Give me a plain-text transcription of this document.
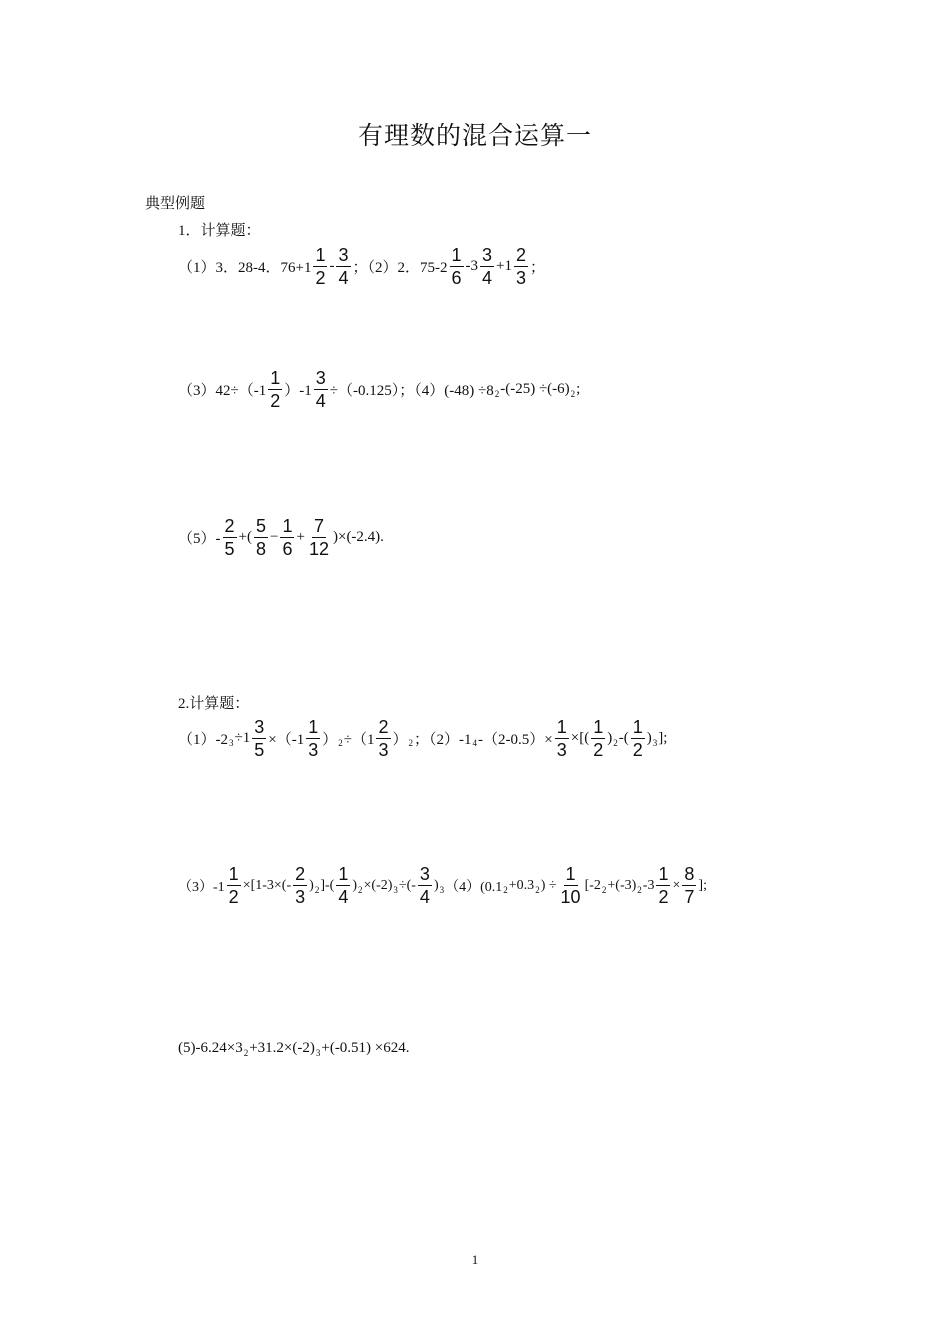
有理数的混合运算一
典型例题
1．计算题：
（1）3．28-4．$76+1 \frac{1}{2} - \frac{3}{4}$ ；（2）2．$75-2 \frac{1}{6} -3 \frac{3}{4} +1 \frac{2}{3}$ ；
$(3)42\div(-1 \frac{1}{2} )-1 \frac{3}{4} \div(-0.125)$；（4）(-48) ÷8 2 -(-25) ÷(-6) 2 ;
$(5)- \frac{2}{5}$ +( $\frac{5}{8} - \frac{1}{6} + \frac{7}{12} )\times(-2.4)$.
2.计算题：
（1）-2 $3 \div 1 \frac{3}{5} \times(-1 \frac{1}{3}$ ） $2 \div(1 \frac{2}{3}$ ） 2 ；（2）-1 4 $-(2-0.5)\times \frac{1}{3}$ ×[( $\frac{1}{2}$ ) 2 -( $\frac{1}{2}$ ) 3 ];
$(3)-1 \frac{1}{2} \times[1-3\times(- \frac{2}{3}$ ) 2 ]-( $\frac{1}{4}$ ) 2 ×(-2) 3 ÷(- $\frac{3}{4}$ ) 3 （4）(0.1 2 +0.3 2 ) ÷ $\frac{1}{10} [-2$ 2 +(-3) 2 $-3 \frac{1}{2} \times \frac{8}{7}$ ];
(5)-6.24×3 2 +31.2×(-2) 3 +(-0.51) ×624.
1
